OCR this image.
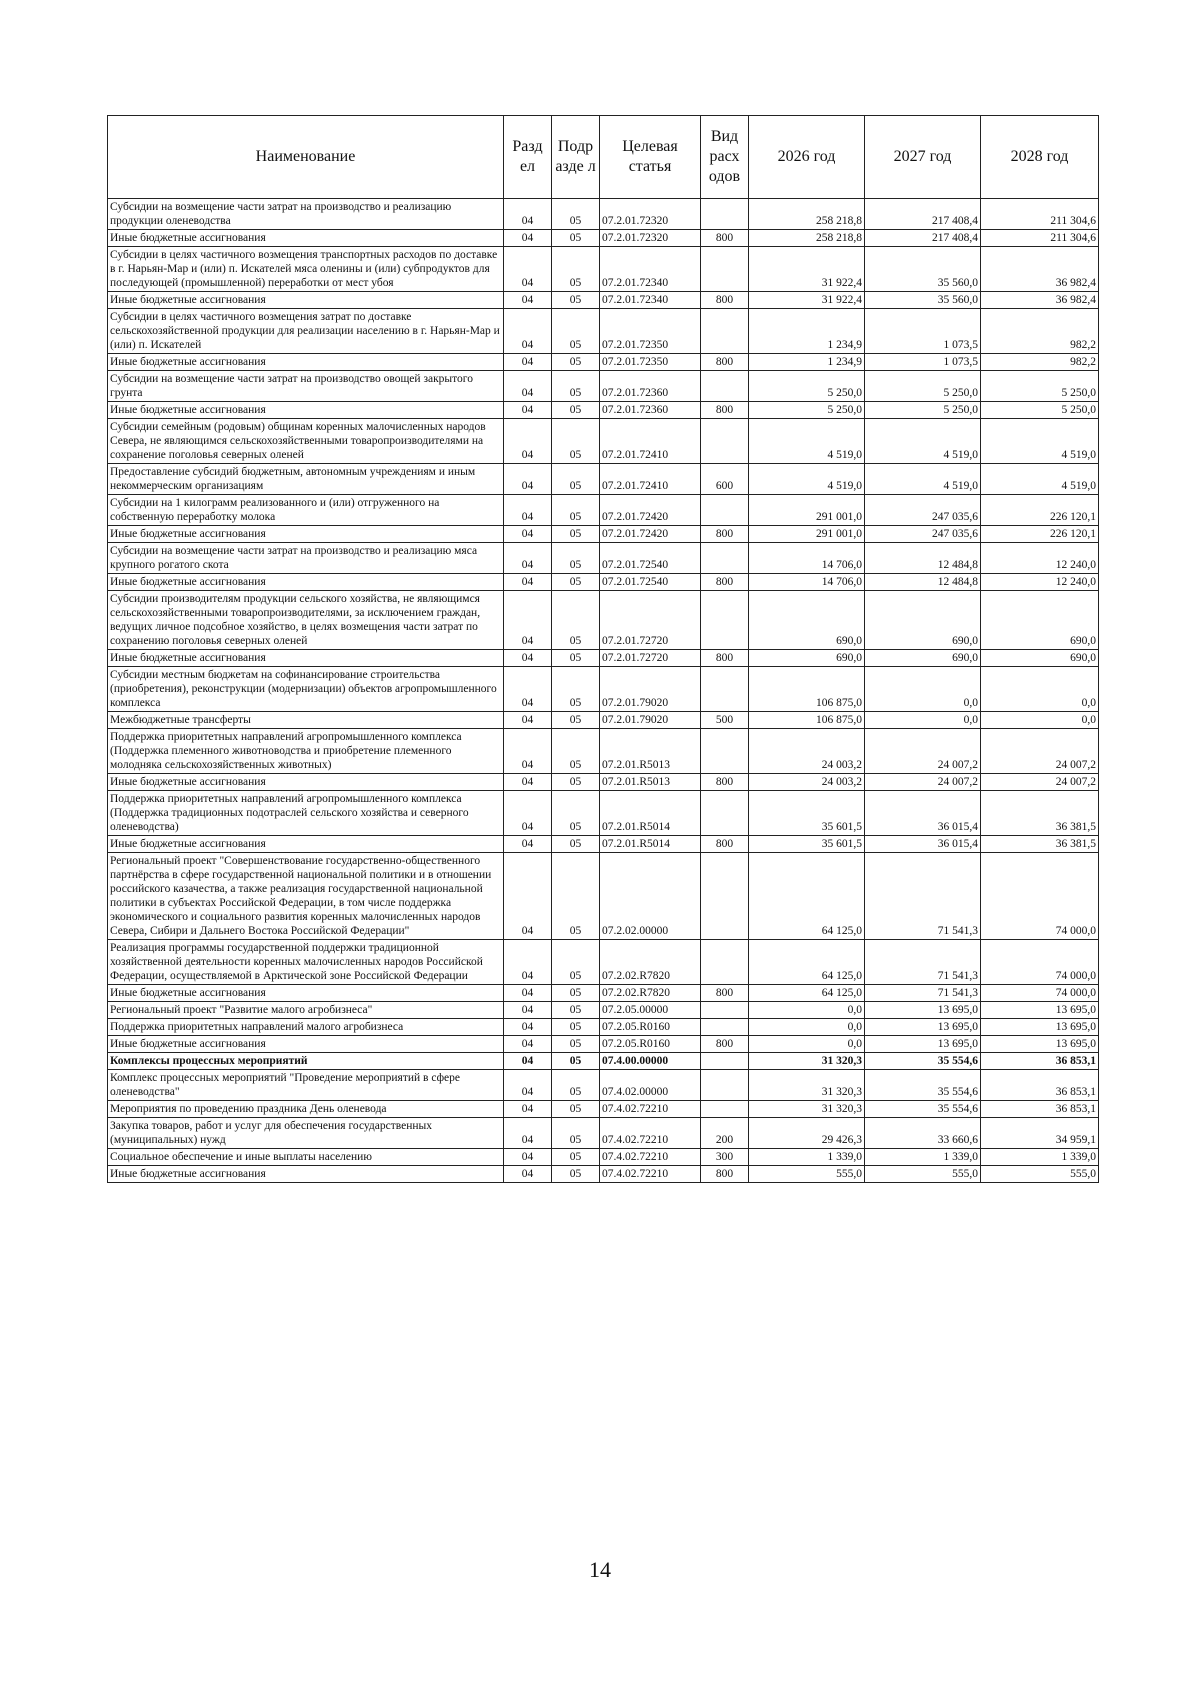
Наименование	Разд ел	Подр азде л	Целевая статья	Вид расх одов	2026 год	2027 год	2028 год
Субсидии на возмещение части затрат на производство и реализацию продукции оленеводства	04	05	07.2.01.72320		258 218,8	217 408,4	211 304,6
Иные бюджетные ассигнования	04	05	07.2.01.72320	800	258 218,8	217 408,4	211 304,6
Субсидии в целях частичного возмещения транспортных расходов по доставке в г. Нарьян-Мар и (или) п. Искателей мяса оленины и (или) субпродуктов для последующей (промышленной) переработки от мест убоя	04	05	07.2.01.72340		31 922,4	35 560,0	36 982,4
Иные бюджетные ассигнования	04	05	07.2.01.72340	800	31 922,4	35 560,0	36 982,4
Субсидии в целях частичного возмещения затрат по доставке сельскохозяйственной продукции для реализации населению в г. Нарьян-Мар и (или) п. Искателей	04	05	07.2.01.72350		1 234,9	1 073,5	982,2
Иные бюджетные ассигнования	04	05	07.2.01.72350	800	1 234,9	1 073,5	982,2
Субсидии на возмещение части затрат на производство овощей закрытого грунта	04	05	07.2.01.72360		5 250,0	5 250,0	5 250,0
Иные бюджетные ассигнования	04	05	07.2.01.72360	800	5 250,0	5 250,0	5 250,0
Субсидии семейным (родовым) общинам коренных малочисленных народов Севера, не являющимся сельскохозяйственными товаропроизводителями на сохранение поголовья северных оленей	04	05	07.2.01.72410		4 519,0	4 519,0	4 519,0
Предоставление субсидий бюджетным, автономным учреждениям и иным некоммерческим организациям	04	05	07.2.01.72410	600	4 519,0	4 519,0	4 519,0
Субсидии на 1 килограмм реализованного и (или) отгруженного на собственную переработку молока	04	05	07.2.01.72420		291 001,0	247 035,6	226 120,1
Иные бюджетные ассигнования	04	05	07.2.01.72420	800	291 001,0	247 035,6	226 120,1
Субсидии на возмещение части затрат на производство и реализацию мяса крупного рогатого скота	04	05	07.2.01.72540		14 706,0	12 484,8	12 240,0
Иные бюджетные ассигнования	04	05	07.2.01.72540	800	14 706,0	12 484,8	12 240,0
Субсидии производителям продукции сельского хозяйства, не являющимся сельскохозяйственными товаропроизводителями, за исключением граждан, ведущих личное подсобное хозяйство, в целях возмещения части затрат по сохранению поголовья северных оленей	04	05	07.2.01.72720		690,0	690,0	690,0
Иные бюджетные ассигнования	04	05	07.2.01.72720	800	690,0	690,0	690,0
Субсидии местным бюджетам на софинансирование строительства (приобретения), реконструкции (модернизации) объектов агропромышленного комплекса	04	05	07.2.01.79020		106 875,0	0,0	0,0
Межбюджетные трансферты	04	05	07.2.01.79020	500	106 875,0	0,0	0,0
Поддержка приоритетных направлений агропромышленного комплекса (Поддержка племенного животноводства и приобретение племенного молодняка сельскохозяйственных животных)	04	05	07.2.01.R5013		24 003,2	24 007,2	24 007,2
Иные бюджетные ассигнования	04	05	07.2.01.R5013	800	24 003,2	24 007,2	24 007,2
Поддержка приоритетных направлений агропромышленного комплекса (Поддержка традиционных подотраслей сельского хозяйства и северного оленеводства)	04	05	07.2.01.R5014		35 601,5	36 015,4	36 381,5
Иные бюджетные ассигнования	04	05	07.2.01.R5014	800	35 601,5	36 015,4	36 381,5
Региональный проект "Совершенствование государственно-общественного партнёрства в сфере государственной национальной политики и в отношении российского казачества, а также реализация государственной национальной политики в субъектах Российской Федерации, в том числе поддержка экономического и социального развития коренных малочисленных народов Севера, Сибири и Дальнего Востока Российской Федерации"	04	05	07.2.02.00000		64 125,0	71 541,3	74 000,0
Реализация программы государственной поддержки традиционной хозяйственной деятельности коренных малочисленных народов Российской Федерации, осуществляемой в Арктической зоне Российской Федерации	04	05	07.2.02.R7820		64 125,0	71 541,3	74 000,0
Иные бюджетные ассигнования	04	05	07.2.02.R7820	800	64 125,0	71 541,3	74 000,0
Региональный проект "Развитие малого агробизнеса"	04	05	07.2.05.00000		0,0	13 695,0	13 695,0
Поддержка приоритетных направлений малого агробизнеса	04	05	07.2.05.R0160		0,0	13 695,0	13 695,0
Иные бюджетные ассигнования	04	05	07.2.05.R0160	800	0,0	13 695,0	13 695,0
Комплексы процессных мероприятий	04	05	07.4.00.00000		31 320,3	35 554,6	36 853,1
Комплекс процессных мероприятий "Проведение мероприятий в сфере оленеводства"	04	05	07.4.02.00000		31 320,3	35 554,6	36 853,1
Мероприятия по проведению праздника День оленевода	04	05	07.4.02.72210		31 320,3	35 554,6	36 853,1
Закупка товаров, работ и услуг для обеспечения государственных (муниципальных) нужд	04	05	07.4.02.72210	200	29 426,3	33 660,6	34 959,1
Социальное обеспечение и иные выплаты населению	04	05	07.4.02.72210	300	1 339,0	1 339,0	1 339,0
Иные бюджетные ассигнования	04	05	07.4.02.72210	800	555,0	555,0	555,0
14
